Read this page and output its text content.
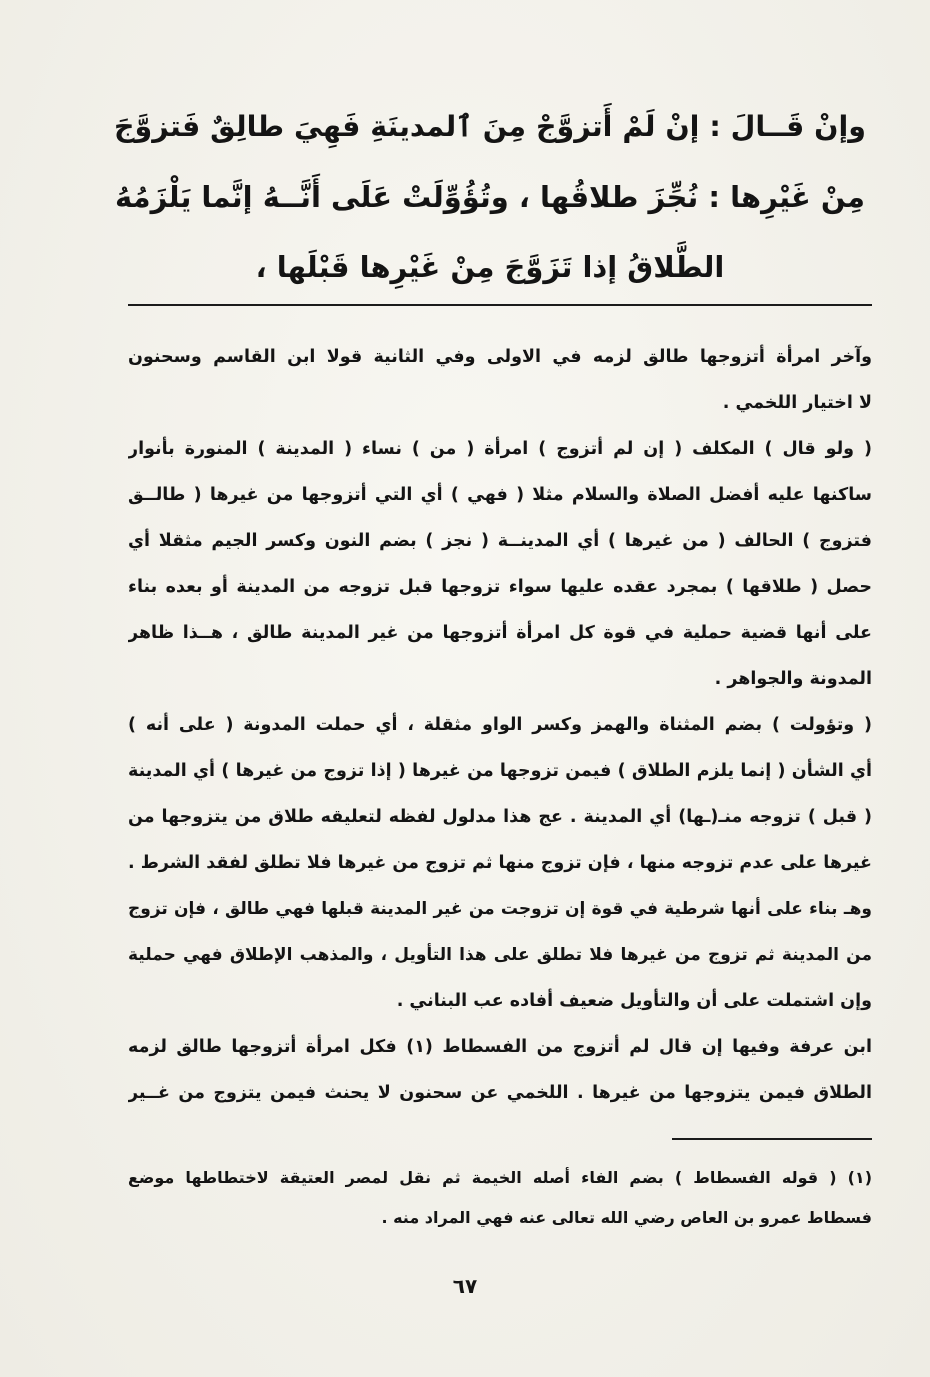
وإنْ قَــالَ : إنْ لَمْ أَتزوَّجْ مِنَ ٱلمدينَةِ فَهِيَ طالِقٌ فَتزوَّجَ
مِنْ غَيْرِها : نُجِّزَ طلاقُها ، وتُؤُوِّلَتْ عَلَى أَنَّــهُ إنَّما يَلْزَمُهُ
الطَّلاقُ إذا تَزَوَّجَ مِنْ غَيْرِها قَبْلَها ،
وآخر امرأة أتزوجها طالق لزمه في الاولى وفي الثانية قولا ابن القاسم وسحنون
لا اختيار اللخمي .
( ولو قال ) المكلف ( إن لم أتزوج ) امرأة ( من ) نساء ( المدينة ) المنورة بأنوار
ساكنها عليه أفضل الصلاة والسلام مثلا ( فهي ) أي التي أتزوجها من غيرها ( طالــق
فتزوج ) الحالف ( من غيرها ) أي المدينــة ( نجز ) بضم النون وكسر الجيم مثقلا أي
حصل ( طلاقها ) بمجرد عقده عليها سواء تزوجها قبل تزوجه من المدينة أو بعده بناء
على أنها قضية حملية في قوة كل امرأة أتزوجها من غير المدينة طالق ، هــذا ظاهر
المدونة والجواهر .
( وتؤولت ) بضم المثناة والهمز وكسر الواو مثقلة ، أي حملت المدونة ( على أنه )
أي الشأن ( إنما يلزم الطلاق ) فيمن تزوجها من غيرها ( إذا تزوج من غيرها ) أي المدينة
( قبل ) تزوجه منـ(ـها) أي المدينة . عج هذا مدلول لفظه لتعليقه طلاق من يتزوجها من
غيرها على عدم تزوجه منها ، فإن تزوج منها ثم تزوج من غيرها فلا تطلق لفقد الشرط .
وهـ بناء على أنها شرطية في قوة إن تزوجت من غير المدينة قبلها فهي طالق ، فإن تزوج
من المدينة ثم تزوج من غيرها فلا تطلق على هذا التأويل ، والمذهب الإطلاق فهي حملية
وإن اشتملت على أن والتأويل ضعيف أفاده عب البناني .
ابن عرفة وفيها إن قال لم أتزوج من الفسطاط (١) فكل امرأة أتزوجها طالق لزمه
الطلاق فيمن يتزوجها من غيرها . اللخمي عن سحنون لا يحنث فيمن يتزوج من غــير
(١) ( قوله الفسطاط ) بضم الفاء أصله الخيمة ثم نقل لمصر العتيقة لاختطاطها موضع
فسطاط عمرو بن العاص رضي الله تعالى عنه فهي المراد منه .
٦٧
